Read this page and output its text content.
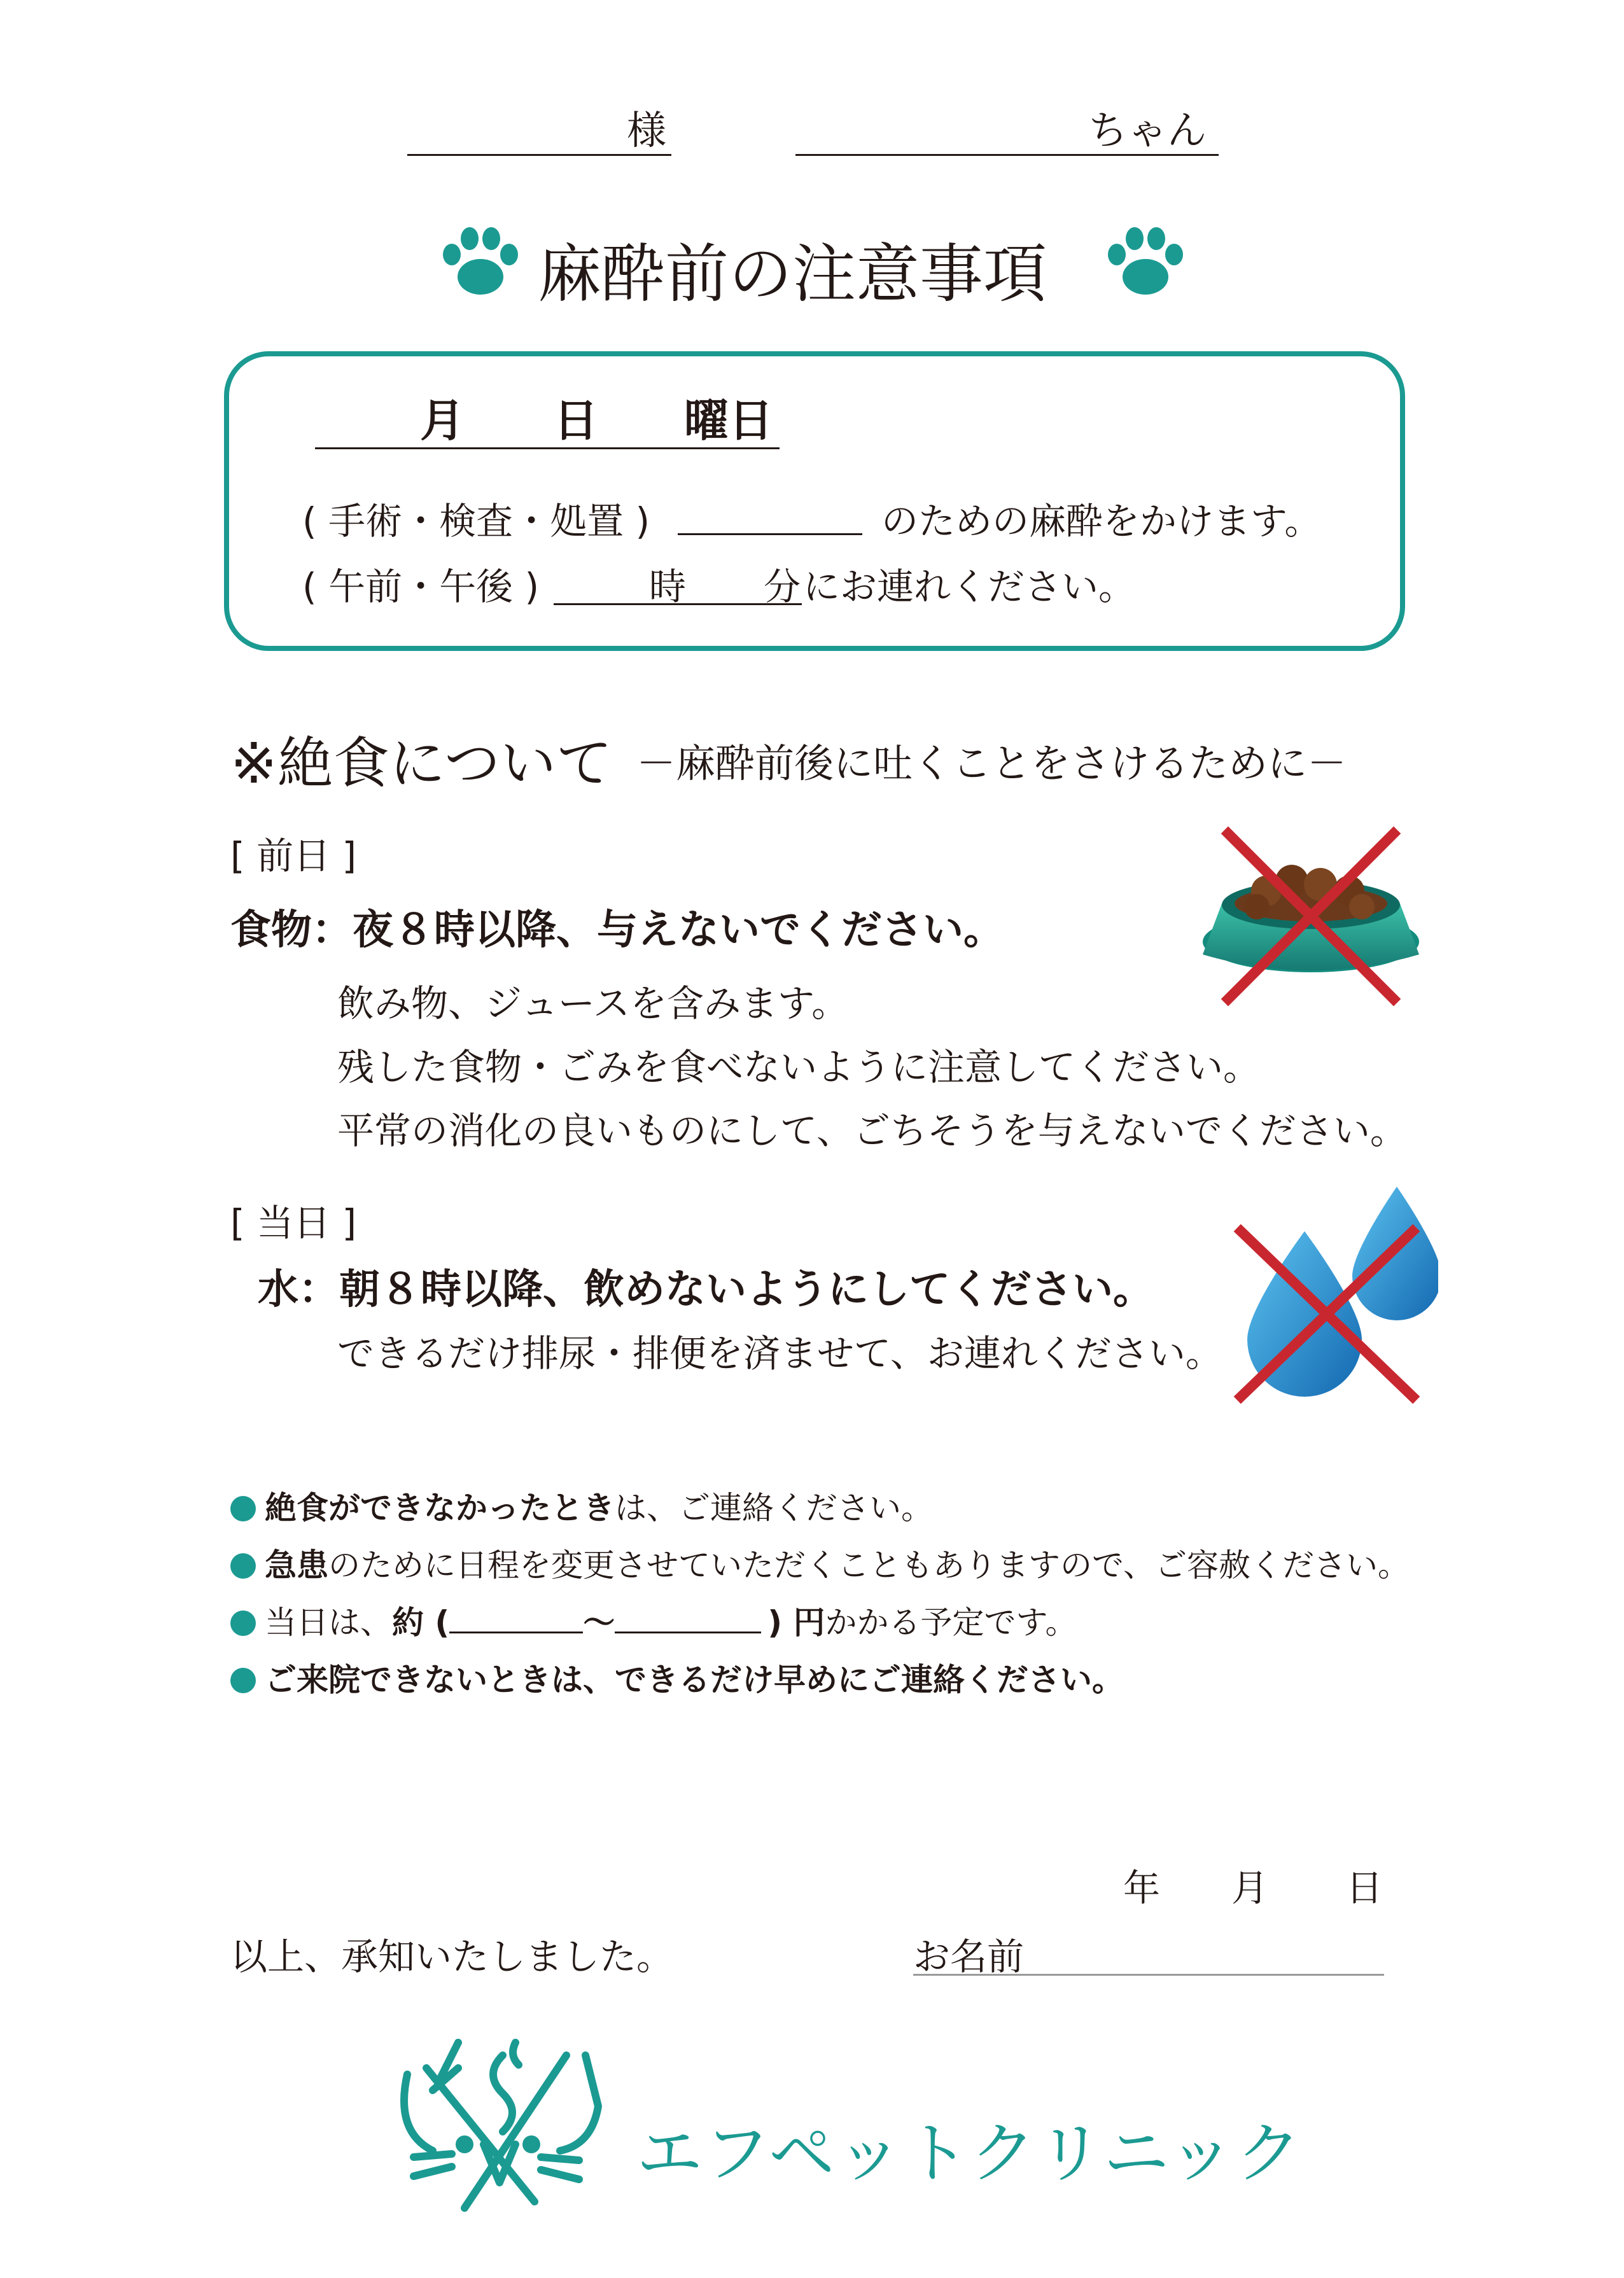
様	ちゃん
麻酔前の注意事項
月 日 曜日
( 手術・検査・処置 )	のための麻酔をかけます。
( 午前・午後 )	時 分 にお連れください。
※絶食について －麻酔前後に吐くことをさけるために－
[ 前日 ]
食物：夜８時以降、与えないでください。
飲み物、ジュースを含みます。
残した食物・ごみを食べないように注意してください。
平常の消化の良いものにして、ごちそうを与えないでください。
[ 当日 ]
水：朝８時以降、飲めないようにしてください。
できるだけ排尿・排便を済ませて、お連れください。
絶食ができなかったときは、ご連絡ください。
急患のために日程を変更させていただくこともありますので、ご容赦ください。
当日は、約 (	〜	) 円かかる予定です。
ご来院できないときは、できるだけ早めにご連絡ください。
年 月 日
以上、承知いたしました。	お名前
エフペットクリニック
